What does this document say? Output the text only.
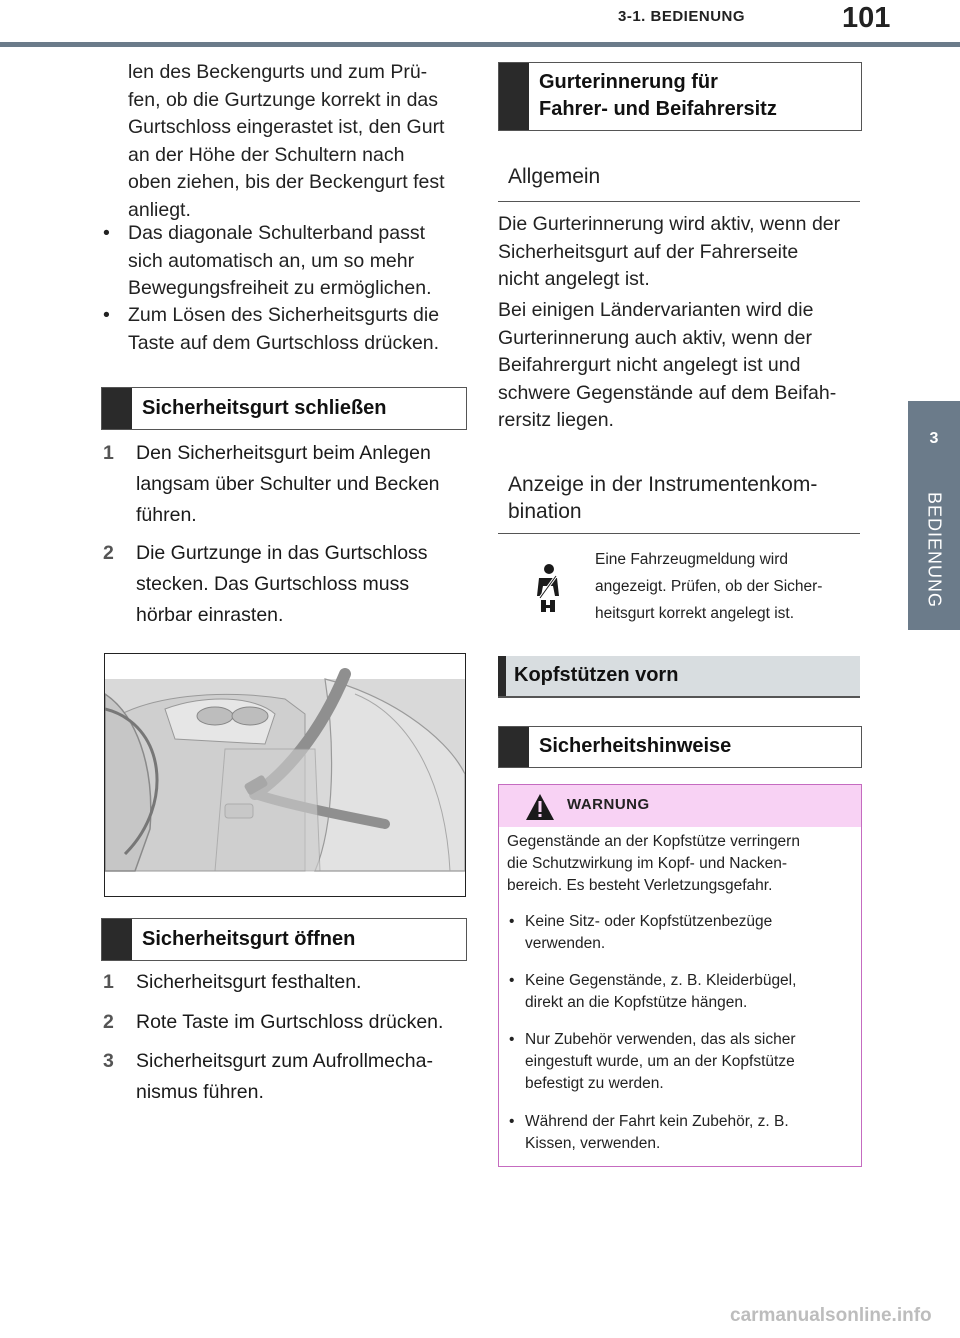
3-1. BEDIENUNG	101
3
BEDIENUNG
len des Beckengurts und zum Prü-
fen, ob die Gurtzunge korrekt in das
Gurtschloss eingerastet ist, den Gurt
an der Höhe der Schultern nach
oben ziehen, bis der Beckengurt fest
anliegt.
• Das diagonale Schulterband passt
sich automatisch an, um so mehr
Bewegungsfreiheit zu ermöglichen.
• Zum Lösen des Sicherheitsgurts die
Taste auf dem Gurtschloss drücken.
Sicherheitsgurt schließen
1 Den Sicherheitsgurt beim Anlegen
langsam über Schulter und Becken
führen.
2 Die Gurtzunge in das Gurtschloss
stecken. Das Gurtschloss muss
hörbar einrasten.
Sicherheitsgurt öffnen
1 Sicherheitsgurt festhalten.
2 Rote Taste im Gurtschloss drücken.
3 Sicherheitsgurt zum Aufrollmecha-
nismus führen.
Gurterinnerung für
Fahrer- und Beifahrersitz
Allgemein
Die Gurterinnerung wird aktiv, wenn der
Sicherheitsgurt auf der Fahrerseite
nicht angelegt ist.
Bei einigen Ländervarianten wird die
Gurterinnerung auch aktiv, wenn der
Beifahrergurt nicht angelegt ist und
schwere Gegenstände auf dem Beifah-
rersitz liegen.
Anzeige in der Instrumentenkom-
bination
Eine Fahrzeugmeldung wird
angezeigt. Prüfen, ob der Sicher-
heitsgurt korrekt angelegt ist.
Kopfstützen vorn
Sicherheitshinweise
WARNUNG
Gegenstände an der Kopfstütze verringern
die Schutzwirkung im Kopf- und Nacken-
bereich. Es besteht Verletzungsgefahr.
• Keine Sitz- oder Kopfstützenbezüge
verwenden.
• Keine Gegenstände, z. B. Kleiderbügel,
direkt an die Kopfstütze hängen.
• Nur Zubehör verwenden, das als sicher
eingestuft wurde, um an der Kopfstütze
befestigt zu werden.
• Während der Fahrt kein Zubehör, z. B.
Kissen, verwenden.
carmanualsonline.info
